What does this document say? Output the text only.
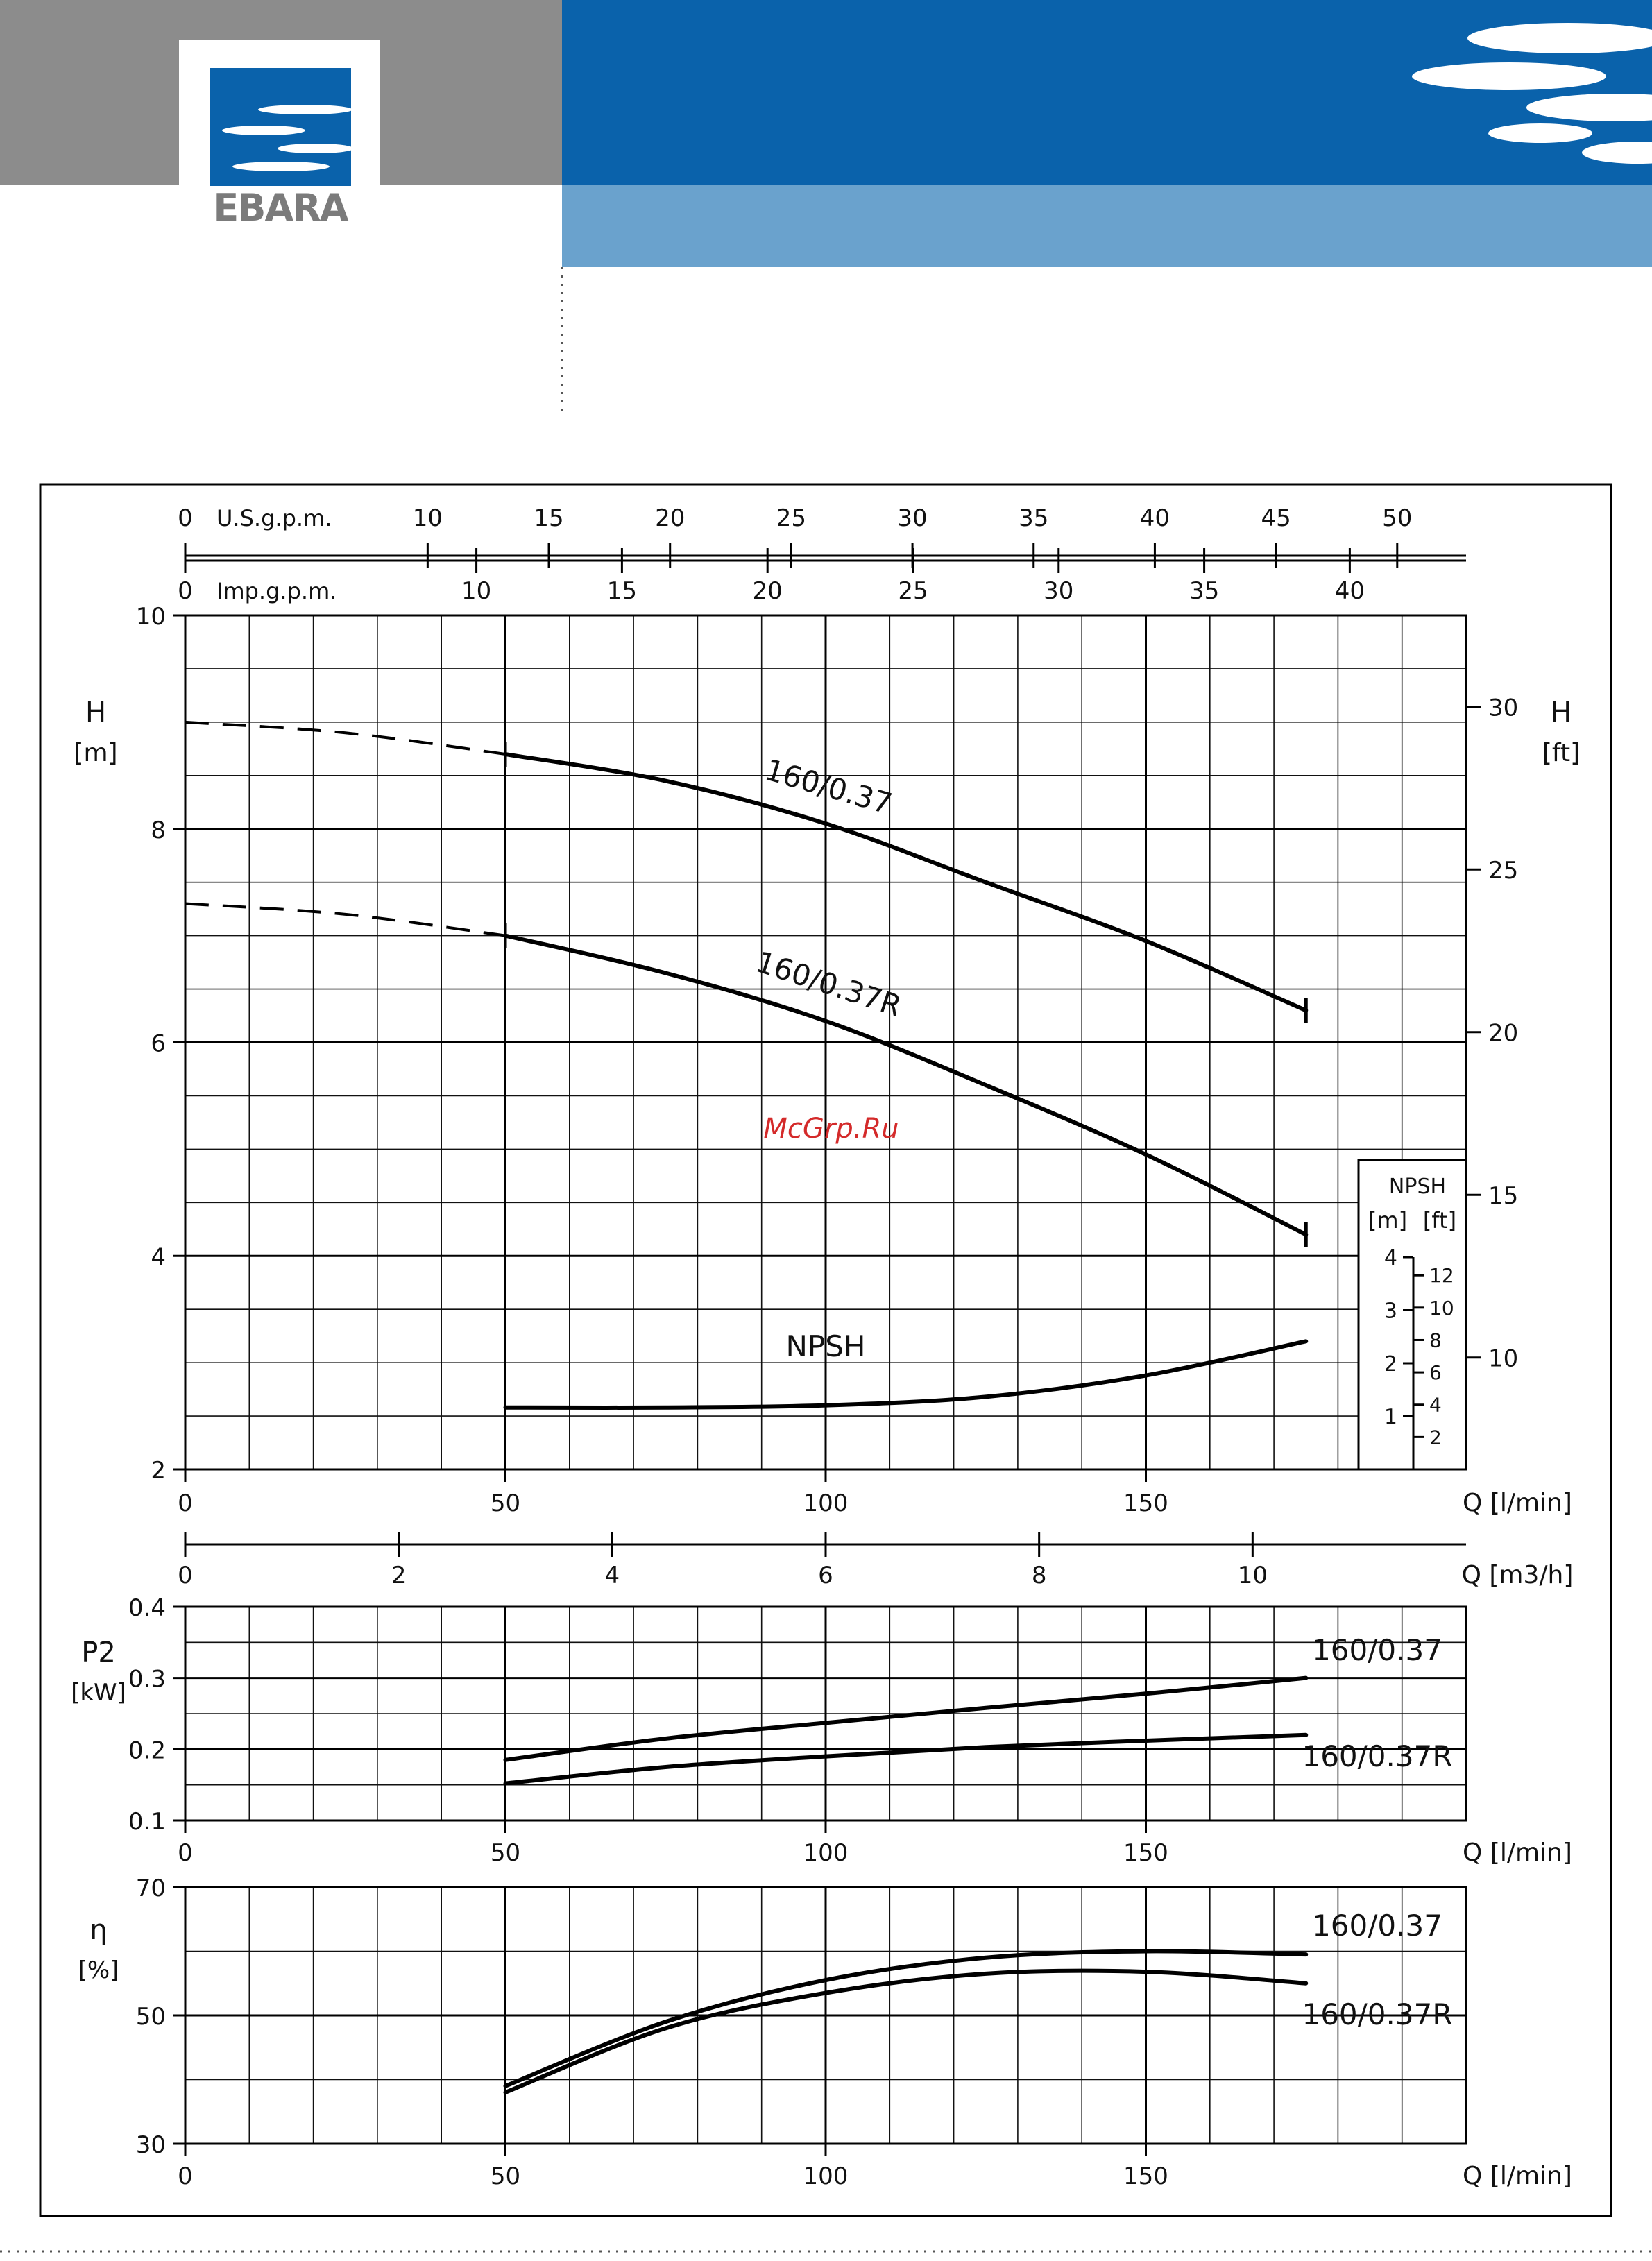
EBARA
2
4
6
8
10
H
[m]
10
15
20
25
30 H
[ft]
0	10	15	20	25	30	35	40	45	50
U.S.g.p.m.
0	10	15	20	25	30	35	40
Imp.g.p.m.
0	50	100	150	Q [l/min]
0	2	4	6	8	10	Q [m3/h]
160/0.37
160/0.37R
NPSH
NPSH
[m] [ft]
1
2
3
4
2
4
6
8
10
12
0.1
0.2
0.3
0.4
P2
[kW]
0	50	100	150	Q [l/min]
160/0.37
160/0.37R
30
50
70
η
[%]
0	50	100	150	Q [l/min]
160/0.37
160/0.37R
McGrp.Ru
